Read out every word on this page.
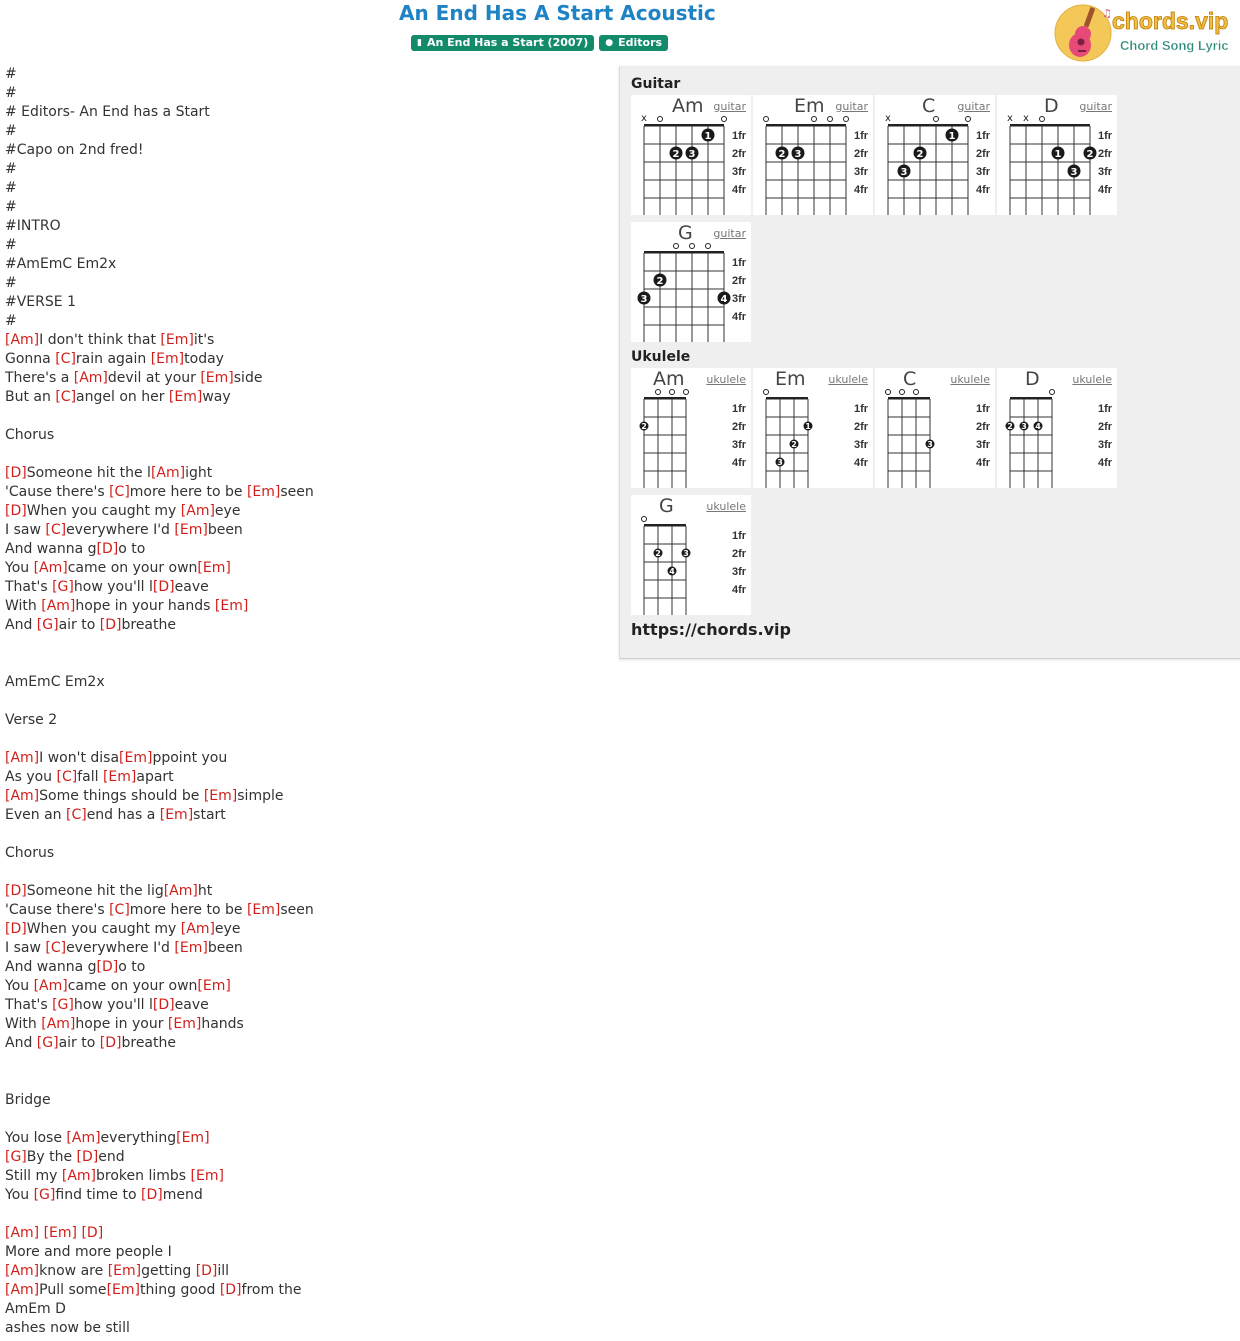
An End Has A Start Acoustic
▮ An End Has a Start (2007) ● Editors
♫ chords.vip
Chord Song Lyric
#
#
# Editors- An End has a Start
#
#Capo on 2nd fred!
#
#
#
#INTRO
#
#AmEmC Em2x
#
#VERSE 1
#
[Am]I don't think that [Em]it's
Gonna [C]rain again [Em]today
There's a [Am]devil at your [Em]side
But an [C]angel on her [Em]way
Chorus
[D]Someone hit the l[Am]ight
'Cause there's [C]more here to be [Em]seen
[D]When you caught my [Am]eye
I saw [C]everywhere I'd [Em]been
And wanna g[D]o to
You [Am]came on your own[Em]
That's [G]how you'll l[D]eave
With [Am]hope in your hands [Em]
And [G]air to [D]breathe
AmEmC Em2x
Verse 2
[Am]I won't disa[Em]ppoint you
As you [C]fall [Em]apart
[Am]Some things should be [Em]simple
Even an [C]end has a [Em]start
Chorus
[D]Someone hit the lig[Am]ht
'Cause there's [C]more here to be [Em]seen
[D]When you caught my [Am]eye
I saw [C]everywhere I'd [Em]been
And wanna g[D]o to
You [Am]came on your own[Em]
That's [G]how you'll l[D]eave
With [Am]hope in your [Em]hands
And [G]air to [D]breathe
Bridge
You lose [Am]everything[Em]
[G]By the [D]end
Still my [Am]broken limbs [Em]
You [G]find time to [D]mend
[Am] [Em] [D]
More and more people I
[Am]know are [Em]getting [D]ill
[Am]Pull some[Em]thing good [D]from the
AmEm D
ashes now be still
Guitar
1fr
2fr
3fr
4fr
x
2 3
1
Am guitar
1fr
2fr
3fr
4fr
2 3
Em guitar
1fr
2fr
3fr
4fr
x
3
2
1
C guitar
1fr
2fr
3fr
4fr
x x
1
3
2
D guitar
1fr
2fr
3fr
4fr
3
2
4
G guitar
Ukulele
1fr
2fr
3fr
4fr
2
Am ukulele
1fr
2fr
3fr
4fr
3
2
1
Em ukulele
1fr
2fr
3fr
4fr
3
C	ukulele
1fr
2fr
3fr
4fr
2 3 4
D	ukulele
1fr
2fr
3fr
4fr
2
4
3
G	ukulele
https://chords.vip
